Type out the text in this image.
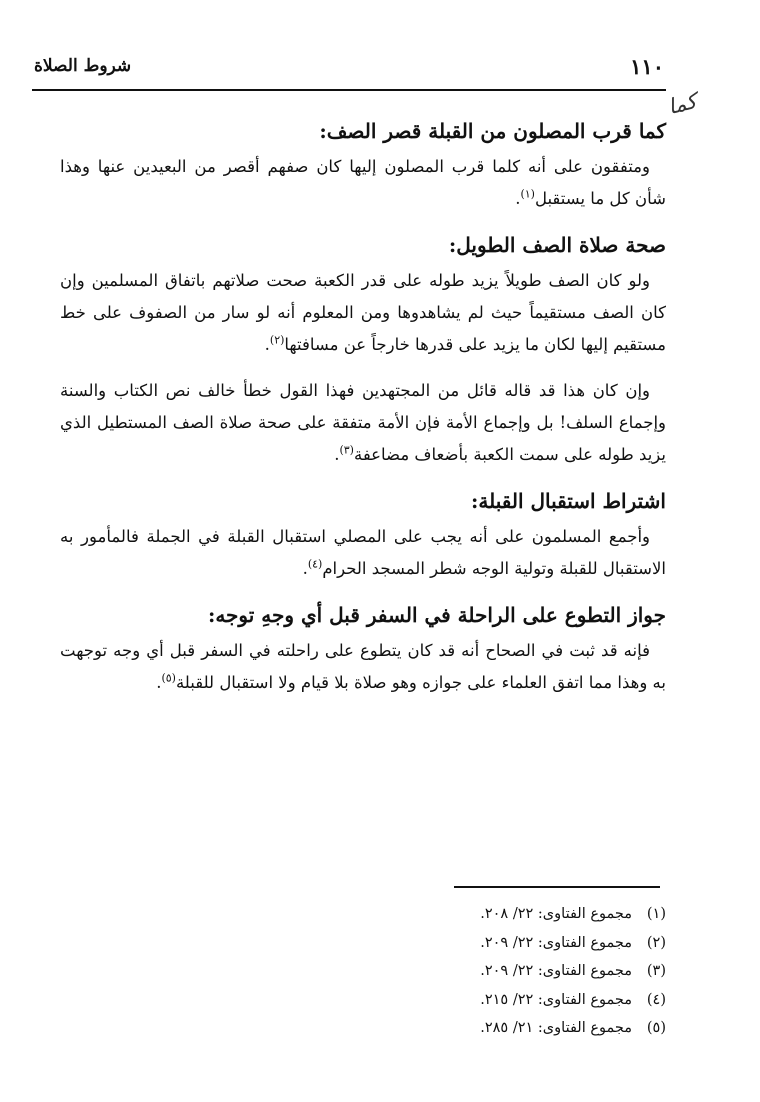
١١٠
شروط الصلاة
كما
كما قرب المصلون من القبلة قصر الصف:

ومتفقون على أنه كلما قرب المصلون إليها كان صفهم أقصر من البعيدين عنها وهذا شأن كل ما يستقبل$^{(١)}$.

صحة صلاة الصف الطويل:

ولو كان الصف طويلاً يزيد طوله على قدر الكعبة صحت صلاتهم باتفاق المسلمين وإن كان الصف مستقيماً حيث لم يشاهدوها ومن المعلوم أنه لو سار من الصفوف على خط مستقيم إليها لكان ما يزيد على قدرها خارجاً عن مسافتها$^{(٢)}$.

وإن كان هذا قد قاله قائل من المجتهدين فهذا القول خطأ خالف نص الكتاب والسنة وإجماع السلف! بل وإجماع الأمة فإن الأمة متفقة على صحة صلاة الصف المستطيل الذي يزيد طوله على سمت الكعبة بأضعاف مضاعفة$^{(٣)}$.

اشتراط استقبال القبلة:

وأجمع المسلمون على أنه يجب على المصلي استقبال القبلة في الجملة فالمأمور به الاستقبال للقبلة وتولية الوجه شطر المسجد الحرام$^{(٤)}$.

جواز التطوع على الراحلة في السفر قبل أي وجهِ توجه:

فإنه قد ثبت في الصحاح أنه قد كان يتطوع على راحلته في السفر قبل أي وجه توجهت به وهذا مما اتفق العلماء على جوازه وهو صلاة بلا قيام ولا استقبال للقبلة$^{(٥)}$.

(١)مجموع الفتاوى: ٢٢/ ٢٠٨.
(٢)مجموع الفتاوى: ٢٢/ ٢٠٩.
(٣)مجموع الفتاوى: ٢٢/ ٢٠٩.
(٤)مجموع الفتاوى: ٢٢/ ٢١٥.
(٥)مجموع الفتاوى: ٢١/ ٢٨٥.
